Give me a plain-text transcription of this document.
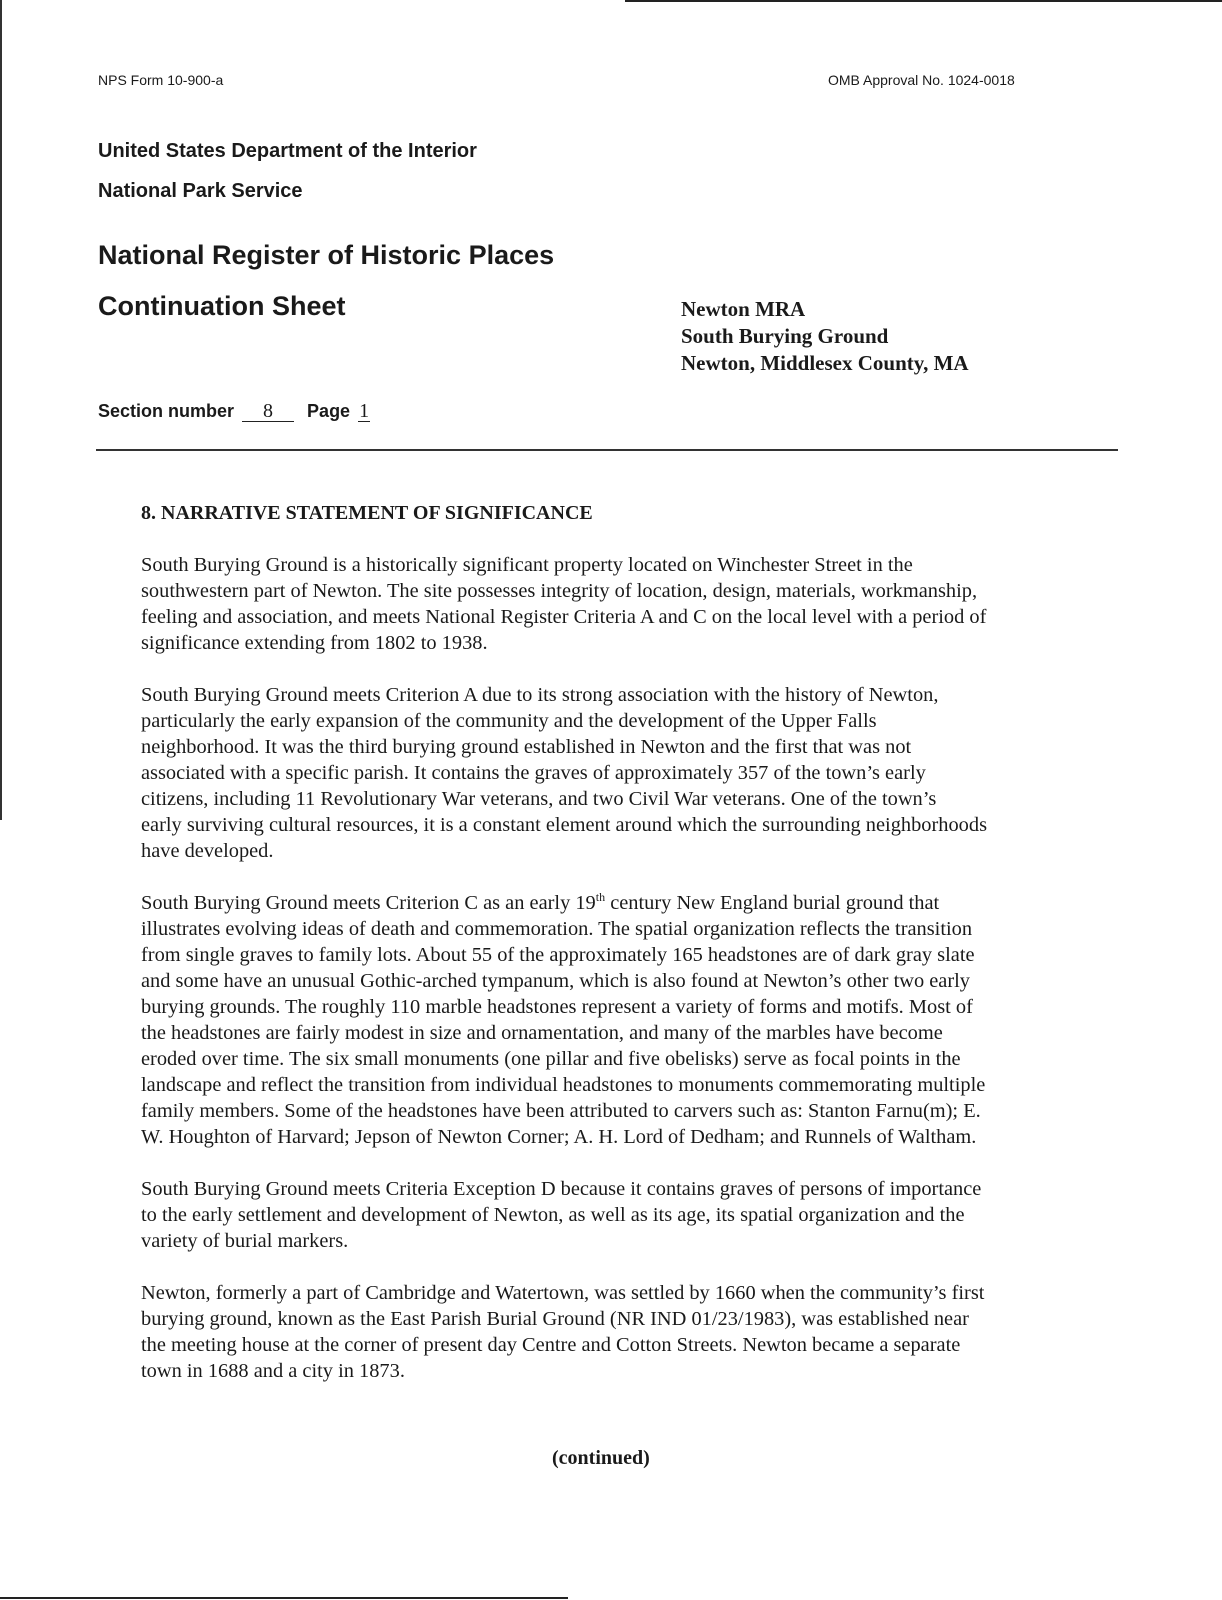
NPS Form 10-900-a	OMB Approval No. 1024-0018
United States Department of the Interior
National Park Service
National Register of Historic Places
Continuation Sheet	Newton MRA
South Burying Ground
Newton, Middlesex County, MA
Section number 8 Page 1
8. NARRATIVE STATEMENT OF SIGNIFICANCE

South Burying Ground is a historically significant property located on Winchester Street in the
southwestern part of Newton. The site possesses integrity of location, design, materials, workmanship,
feeling and association, and meets National Register Criteria A and C on the local level with a period of
significance extending from 1802 to 1938.

South Burying Ground meets Criterion A due to its strong association with the history of Newton,
particularly the early expansion of the community and the development of the Upper Falls
neighborhood. It was the third burying ground established in Newton and the first that was not
associated with a specific parish. It contains the graves of approximately 357 of the town’s early
citizens, including 11 Revolutionary War veterans, and two Civil War veterans. One of the town’s
early surviving cultural resources, it is a constant element around which the surrounding neighborhoods
have developed.

South Burying Ground meets Criterion C as an early 19th century New England burial ground that
illustrates evolving ideas of death and commemoration. The spatial organization reflects the transition
from single graves to family lots. About 55 of the approximately 165 headstones are of dark gray slate
and some have an unusual Gothic-arched tympanum, which is also found at Newton’s other two early
burying grounds. The roughly 110 marble headstones represent a variety of forms and motifs. Most of
the headstones are fairly modest in size and ornamentation, and many of the marbles have become
eroded over time. The six small monuments (one pillar and five obelisks) serve as focal points in the
landscape and reflect the transition from individual headstones to monuments commemorating multiple
family members. Some of the headstones have been attributed to carvers such as: Stanton Farnu(m); E.
W. Houghton of Harvard; Jepson of Newton Corner; A. H. Lord of Dedham; and Runnels of Waltham.

South Burying Ground meets Criteria Exception D because it contains graves of persons of importance
to the early settlement and development of Newton, as well as its age, its spatial organization and the
variety of burial markers.

Newton, formerly a part of Cambridge and Watertown, was settled by 1660 when the community’s first
burying ground, known as the East Parish Burial Ground (NR IND 01/23/1983), was established near
the meeting house at the corner of present day Centre and Cotton Streets. Newton became a separate
town in 1688 and a city in 1873.

(continued)
